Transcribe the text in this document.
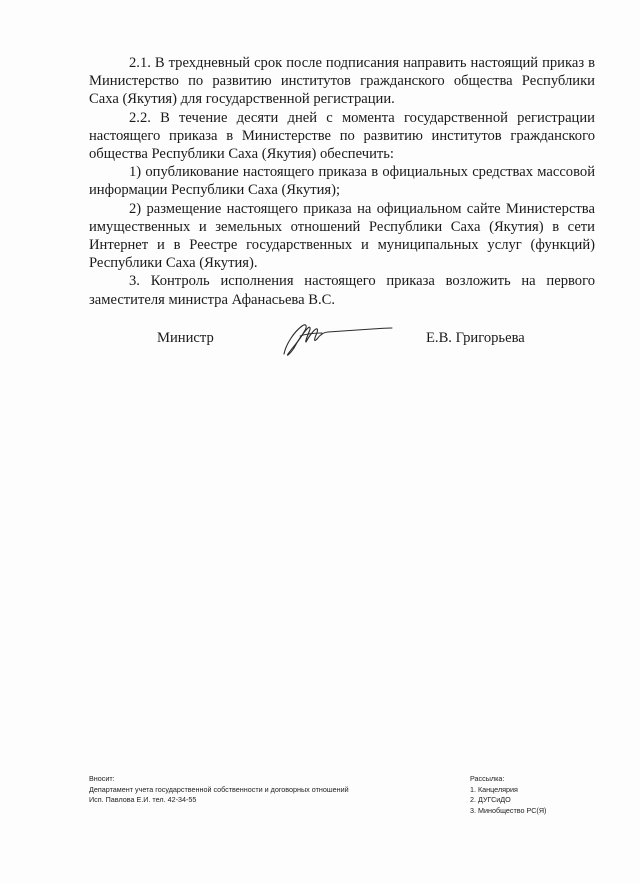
2.1. В трехдневный срок после подписания направить настоящий приказ в Министерство по развитию институтов гражданского общества Республики Саха (Якутия) для государственной регистрации.

2.2. В течение десяти дней с момента государственной регистрации настоящего приказа в Министерстве по развитию институтов гражданского общества Республики Саха (Якутия) обеспечить:

1) опубликование настоящего приказа в официальных средствах массовой информации Республики Саха (Якутия);

2) размещение настоящего приказа на официальном сайте Министерства имущественных и земельных отношений Республики Саха (Якутия) в сети Интернет и в Реестре государственных и муниципальных услуг (функций) Республики Саха (Якутия).

3. Контроль исполнения настоящего приказа возложить на первого заместителя министра Афанасьева В.С.

Министр	Е.В. Григорьева
Вносит:
Департамент учета государственной собственности и договорных отношений
Исп. Павлова Е.И. тел. 42-34-55
Рассылка:
1. Канцелярия
2. ДУГСиДО
3. Минобщество РС(Я)
